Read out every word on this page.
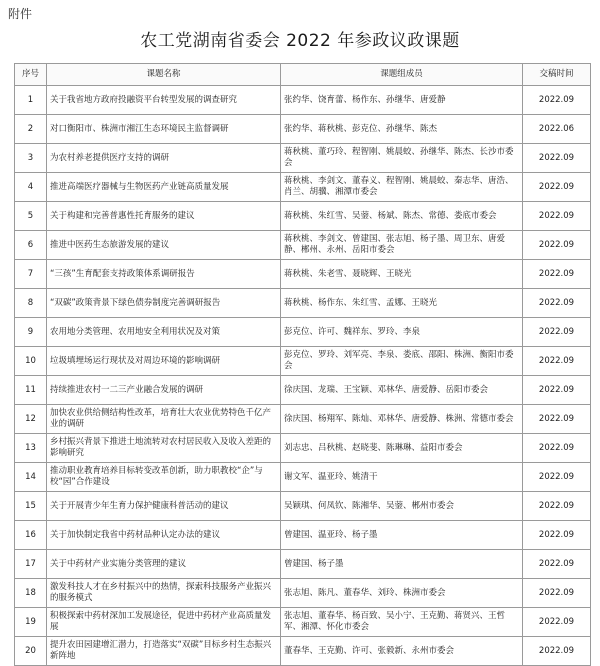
附件
农工党湖南省委会 2022 年参政议政课题
序号	课题名称	课题组成员	交稿时间
1	关于我省地方政府投融资平台转型发展的调查研究	张约华、饶育蕾、杨作东、孙继华、唐爱静	2022.09
2	对口衡阳市、株洲市湘江生态环境民主监督调研	张约华、蒋秋桃、彭克位、孙继华、陈杰	2022.06
3	为农村养老提供医疗支持的调研	蒋秋桃、董巧玲、程智刚、姚晨蛟、孙继华、陈杰、长沙市委会	2022.09
4	推进高端医疗器械与生物医药产业链高质量发展	蒋秋桃、李剑文、董春义、程智刚、姚晨蛟、秦志华、唐浩、肖兰、胡骥、湘潭市委会	2022.09
5	关于构建和完善普惠性托育服务的建议	蒋秋桃、朱红雪、吴蓥、杨斌、陈杰、常德、娄底市委会	2022.09
6	推进中医药生态旅游发展的建议	蒋秋桃、李剑文、曾建国、张志旭、杨子墨、周卫东、唐爱静、郴州、永州、岳阳市委会	2022.09
7	“三孩”生育配套支持政策体系调研报告	蒋秋桃、朱老雪、聂晓辉、王晓光	2022.09
8	“双碳”政策背景下绿色债券制度完善调研报告	蒋秋桃、杨作东、朱红雪、孟娜、王晓光	2022.09
9	农用地分类管理、农用地安全利用状况及对策	彭克位、许可、魏祥东、罗玲、李泉	2022.09
10	垃圾填埋场运行现状及对周边环境的影响调研	彭克位、罗玲、刘军亮、李泉、娄底、邵阳、株洲、衡阳市委会	2022.09
11	持续推进农村一二三产业融合发展的调研	徐庆国、龙瑞、王宝颖、邓林华、唐爱静、岳阳市委会	2022.09
12	加快农业供给侧结构性改革，培育壮大农业优势特色千亿产业的调研	徐庆国、杨翔军、陈灿、邓林华、唐爱静、株洲、常德市委会	2022.09
13	乡村振兴背景下推进土地流转对农村居民收入及收入差距的影响研究	刘志忠、吕秋桃、赵晓斐、陈琳琳、益阳市委会	2022.09
14	推动职业教育培养目标转变改革创新，助力职教校“企”与校“园”合作建设	谢文军、温亚玲、姚清干	2022.09
15	关于开展青少年生育力保护健康科普活动的建议	吴颖琪、何凤钦、陈湘华、吴蓥、郴州市委会	2022.09
16	关于加快制定我省中药材品种认定办法的建议	曾建国、温亚玲、杨子墨	2022.09
17	关于中药材产业实施分类管理的建议	曾建国、杨子墨	2022.09
18	激发科技人才在乡村振兴中的热情，探索科技服务产业振兴的服务模式	张志旭、陈凡、董春华、刘玲、株洲市委会	2022.09
19	积极探索中药材深加工发展途径，促进中药材产业高质量发展	张志旭、董春华、杨百致、吴小宁、王克勤、蒋贤兴、王哲军、湘潭、怀化市委会	2022.09
20	提升农田园建增汇潜力，打造落实“双碳”目标乡村生态振兴新阵地	董春华、王克勤、许可、张毅新、永州市委会	2022.09
